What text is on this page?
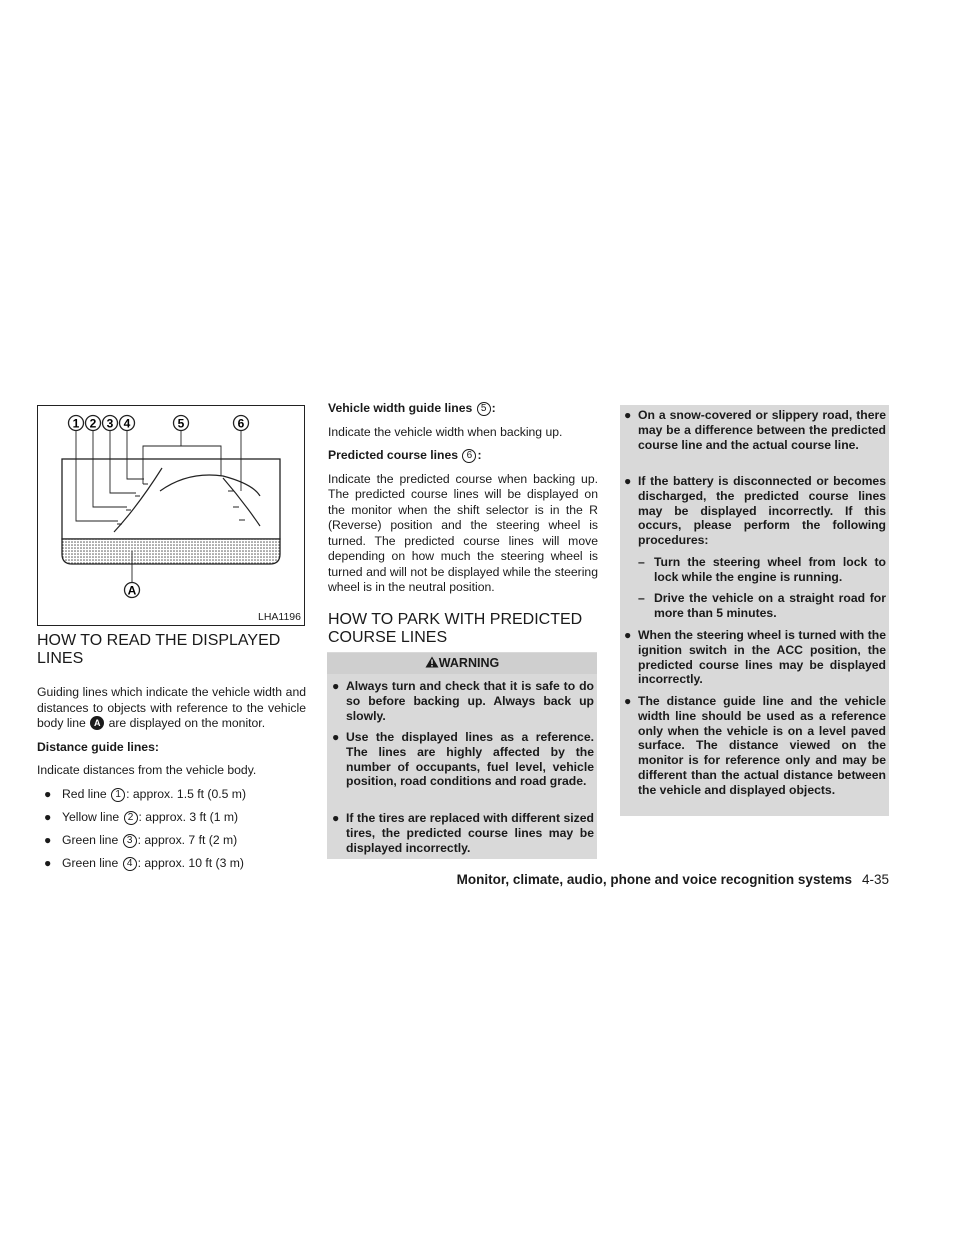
1 2 3 4	5	6
A
LHA1196
HOW TO READ THE DISPLAYED LINES

Guiding lines which indicate the vehicle width and distances to objects with reference to the vehicle body line A are displayed on the monitor.

Distance guide lines:

Indicate distances from the vehicle body.

● Red line 1 : approx. 1.5 ft (0.5 m)
● Yellow line 2 : approx. 3 ft (1 m)
● Green line 3 : approx. 7 ft (2 m)
● Green line 4 : approx. 10 ft (3 m)

Vehicle width guide lines 5 :

Indicate the vehicle width when backing up.

Predicted course lines 6 :

Indicate the predicted course when backing up. The predicted course lines will be displayed on the monitor when the shift selector is in the R (Reverse) position and the steering wheel is turned. The predicted course lines will move depending on how much the steering wheel is turned and will not be displayed while the steering wheel is in the neutral position.

HOW TO PARK WITH PREDICTED COURSE LINES
WARNING
● Always turn and check that it is safe to do so before backing up. Always back up slowly.
● Use the displayed lines as a reference. The lines are highly affected by the number of occupants, fuel level, vehicle position, road conditions and road grade.
● If the tires are replaced with different sized tires, the predicted course lines may be displayed incorrectly.
● On a snow-covered or slippery road, there may be a difference between the predicted course line and the actual course line.
● If the battery is disconnected or becomes discharged, the predicted course lines may be displayed incorrectly. If this occurs, please perform the following procedures:
– Turn the steering wheel from lock to lock while the engine is running.
– Drive the vehicle on a straight road for more than 5 minutes.
● When the steering wheel is turned with the ignition switch in the ACC position, the predicted course lines may be displayed incorrectly.
● The distance guide line and the vehicle width line should be used as a reference only when the vehicle is on a level paved surface. The distance viewed on the monitor is for reference only and may be different than the actual distance between the vehicle and displayed objects.
Monitor, climate, audio, phone and voice recognition systems 4-35
